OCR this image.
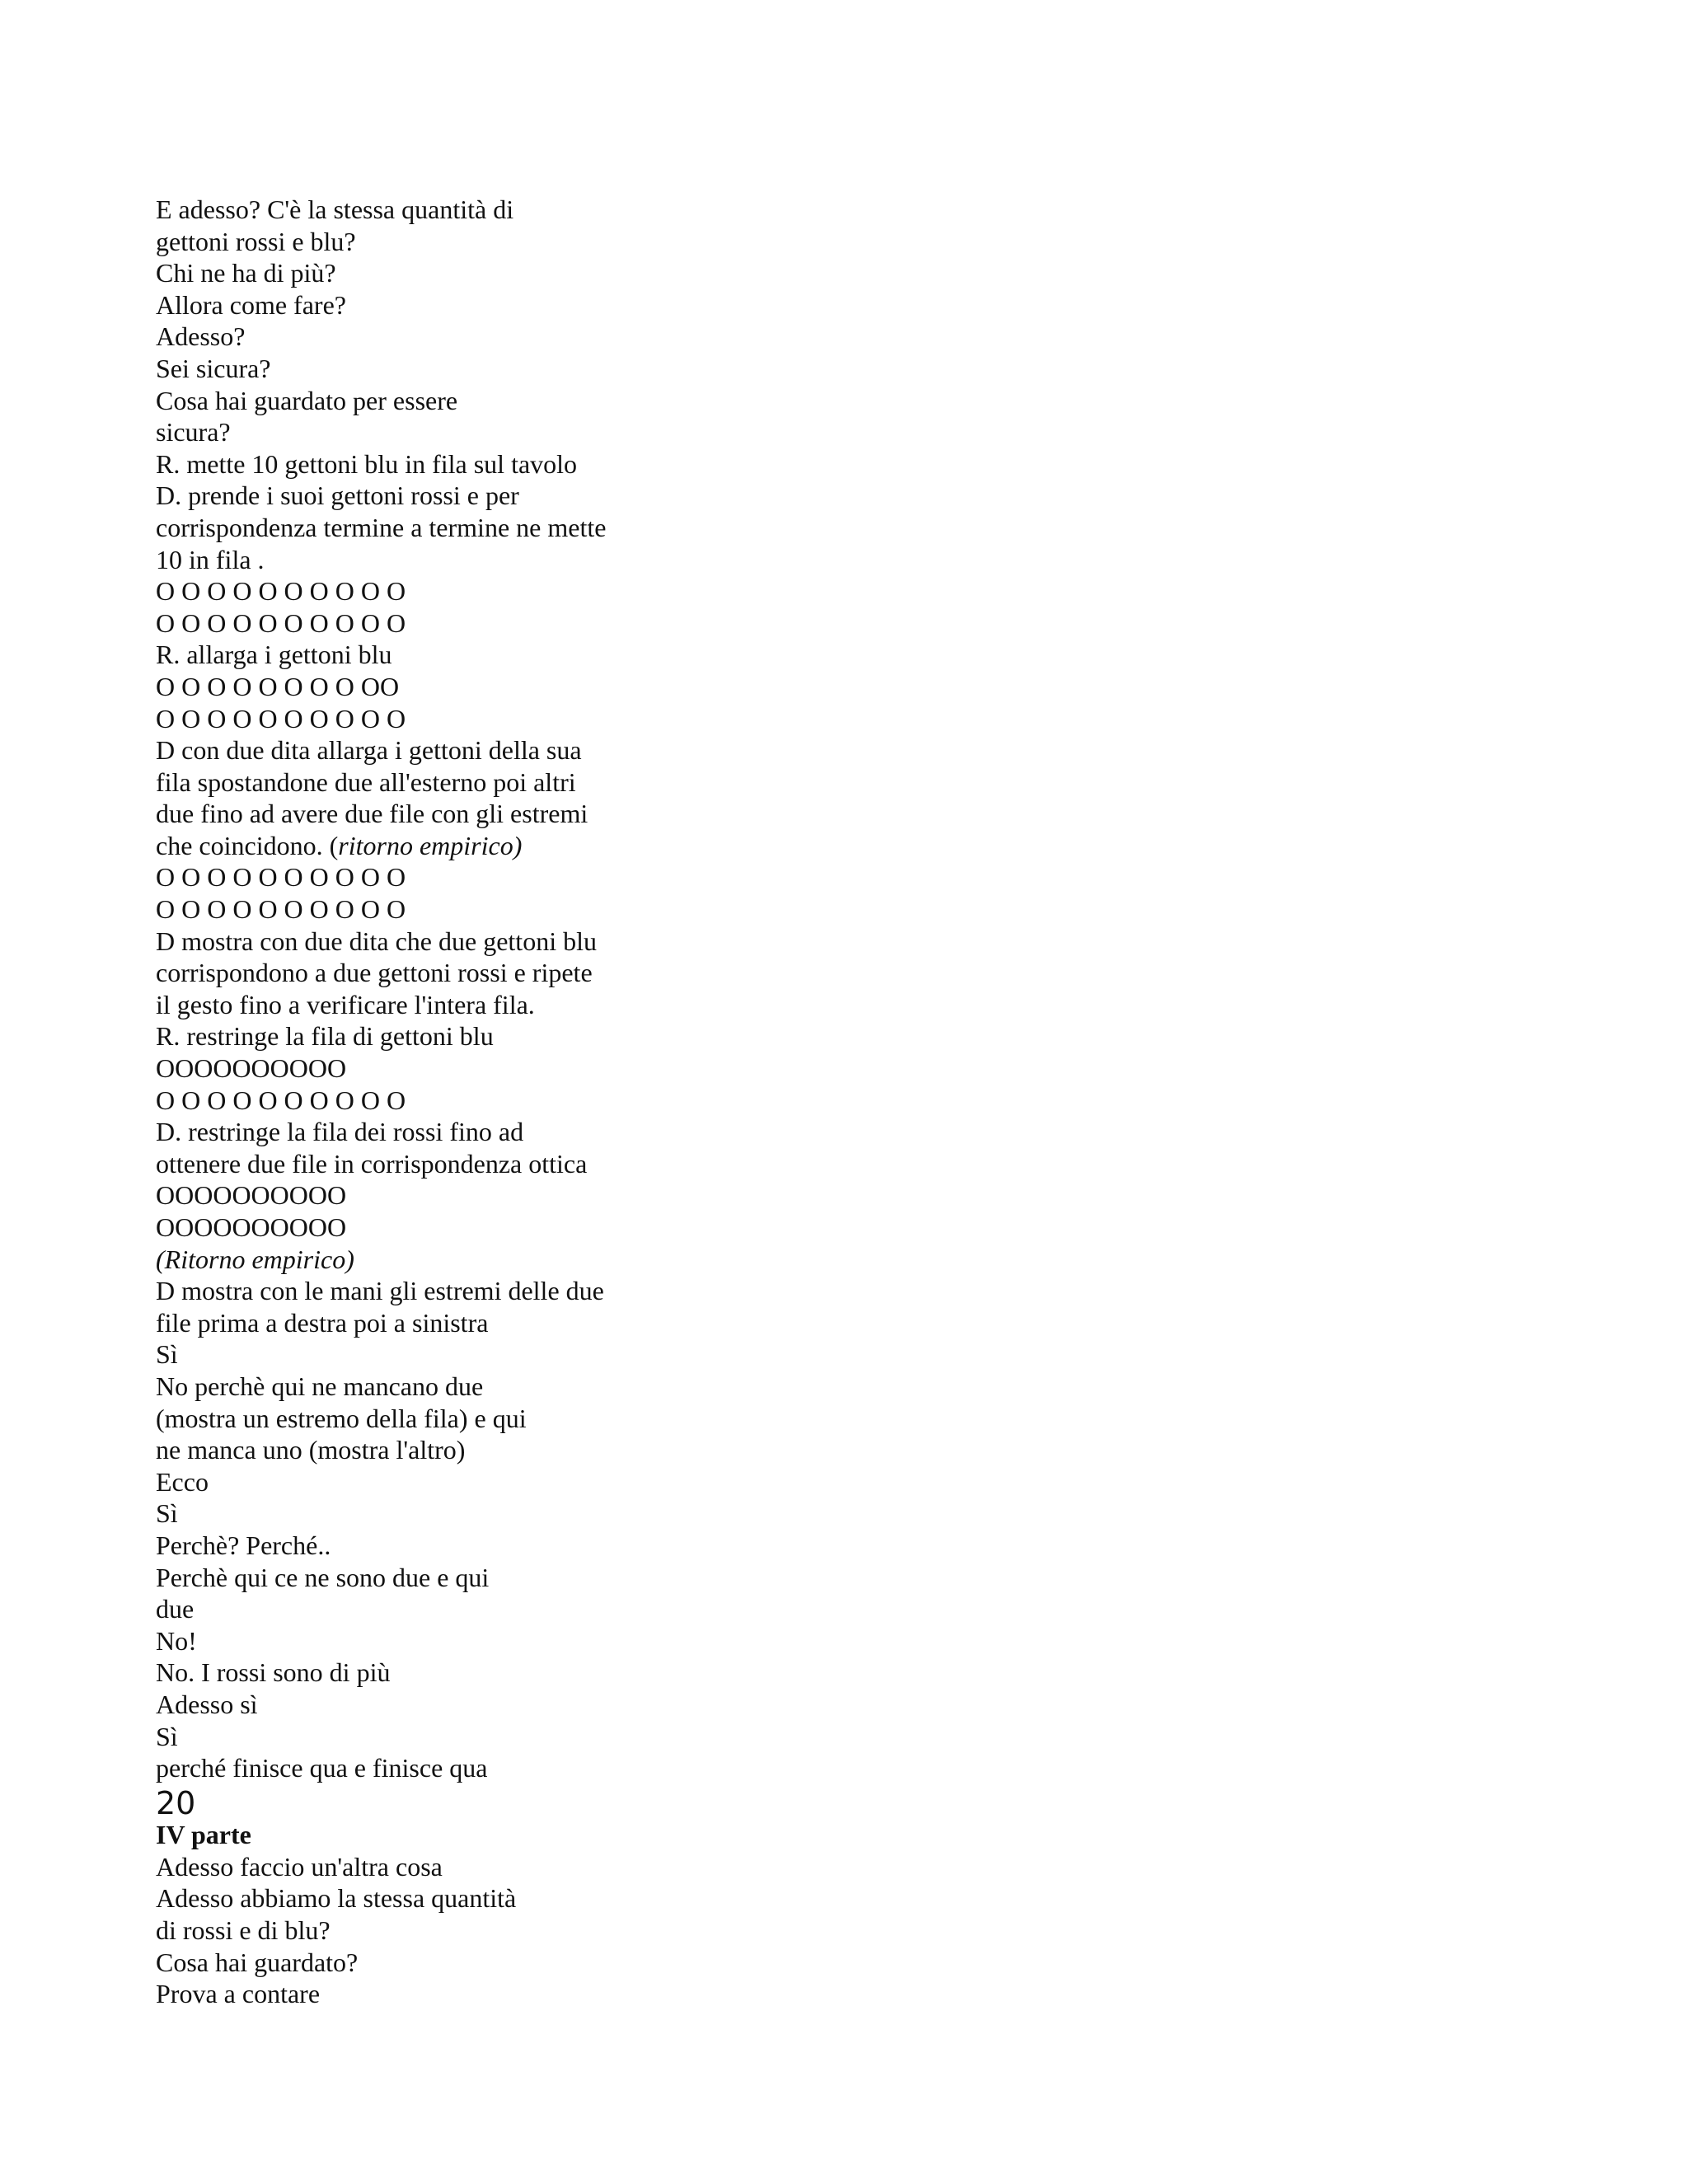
E adesso? C'è la stessa quantità di
gettoni rossi e blu?
Chi ne ha di più?
Allora come fare?
Adesso?
Sei sicura?
Cosa hai guardato per essere
sicura?
R. mette 10 gettoni blu in fila sul tavolo
D. prende i suoi gettoni rossi e per
corrispondenza termine a termine ne mette
10 in fila .
O O O O O O O O O O
O O O O O O O O O O
R. allarga i gettoni blu
O O O O O O O O OO
O O O O O O O O O O
D con due dita allarga i gettoni della sua
fila spostandone due all'esterno poi altri
due fino ad avere due file con gli estremi
che coincidono. (ritorno empirico)
O O O O O O O O O O
O O O O O O O O O O
D mostra con due dita che due gettoni blu
corrispondono a due gettoni rossi e ripete
il gesto fino a verificare l'intera fila.
R. restringe la fila di gettoni blu
OOOOOOOOOO
O O O O O O O O O O
D. restringe la fila dei rossi fino ad
ottenere due file in corrispondenza ottica
OOOOOOOOOO
OOOOOOOOOO
(Ritorno empirico)
D mostra con le mani gli estremi delle due
file prima a destra poi a sinistra
Sì
No perchè qui ne mancano due
(mostra un estremo della fila) e qui
ne manca uno (mostra l'altro)
Ecco
Sì
Perchè? Perché..
Perchè qui ce ne sono due e qui
due
No!
No. I rossi sono di più
Adesso sì
Sì
perché finisce qua e finisce qua
20
IV parte
Adesso faccio un'altra cosa
Adesso abbiamo la stessa quantità
di rossi e di blu?
Cosa hai guardato?
Prova a contare
